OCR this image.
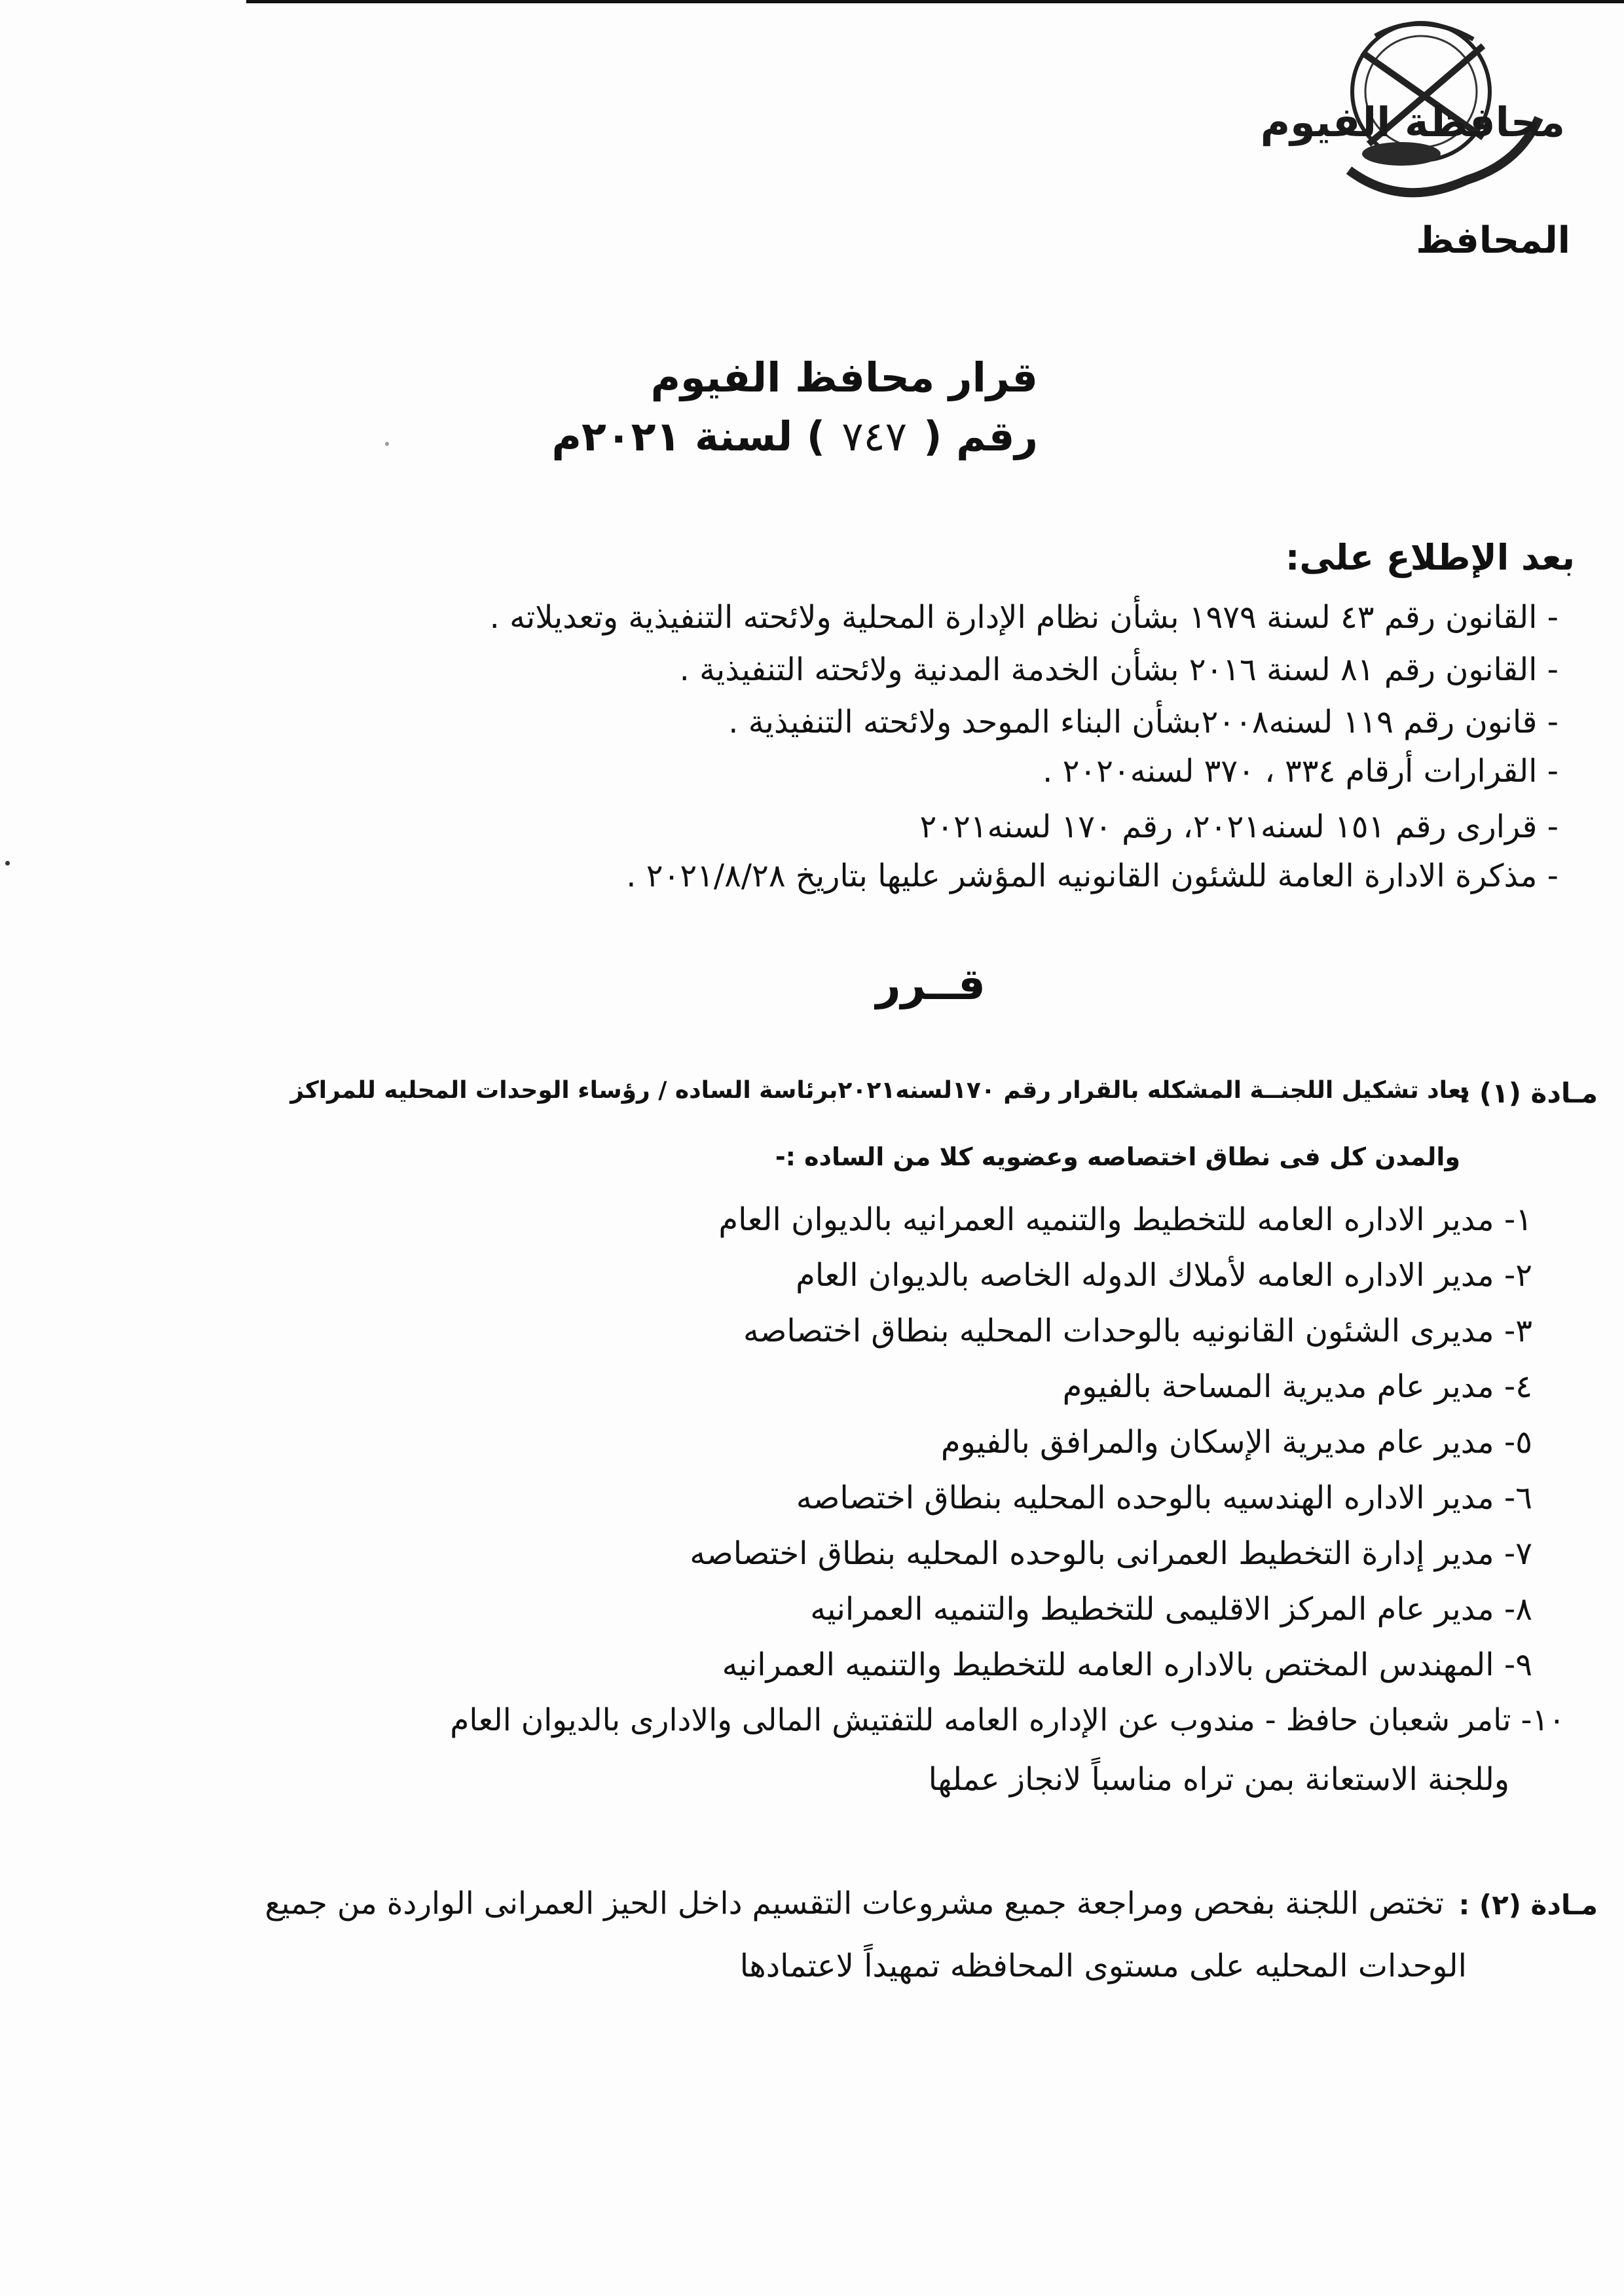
محافظة الفيوم
المحافظ
قرار محافظ الفيوم
رقم (٧٤٧) لسنة ٢٠٢١م
بعد الإطلاع على:
- القانون رقم ٤٣ لسنة ١٩٧٩ بشأن نظام الإدارة المحلية ولائحته التنفيذية وتعديلاته .
- القانون رقم ٨١ لسنة ٢٠١٦ بشأن الخدمة المدنية ولائحته التنفيذية .
- قانون رقم ١١٩ لسنه٢٠٠٨بشأن البناء الموحد ولائحته التنفيذية .
- القرارات أرقام ٣٣٤ ، ٣٧٠ لسنه٢٠٢٠ .
- قرارى رقم ١٥١ لسنه٢٠٢١، رقم ١٧٠ لسنه٢٠٢١
- مذكرة الادارة العامة للشئون القانونيه المؤشر عليها بتاريخ ٢٠٢١/٨/٢٨ .
قــرر
مـادة (١) :
يعاد تشكيل اللجنــة المشكله بالقرار رقم ١٧٠لسنه٢٠٢١برئاسة الساده / رؤساء الوحدات المحليه للمراكز
والمدن كل فى نطاق اختصاصه وعضويه كلا من الساده :-
١- مدير الاداره العامه للتخطيط والتنميه العمرانيه بالديوان العام
٢- مدير الاداره العامه لأملاك الدوله الخاصه بالديوان العام
٣- مديرى الشئون القانونيه بالوحدات المحليه بنطاق اختصاصه
٤- مدير عام مديرية المساحة بالفيوم
٥- مدير عام مديرية الإسكان والمرافق بالفيوم
٦- مدير الاداره الهندسيه بالوحده المحليه بنطاق اختصاصه
٧- مدير إدارة التخطيط العمرانى بالوحده المحليه بنطاق اختصاصه
٨- مدير عام المركز الاقليمى للتخطيط والتنميه العمرانيه
٩- المهندس المختص بالاداره العامه للتخطيط والتنميه العمرانيه
١٠- تامر شعبان حافظ - مندوب عن الإداره العامه للتفتيش المالى والادارى بالديوان العام
وللجنة الاستعانة بمن تراه مناسباً لانجاز عملها
مـادة (٢) :
تختص اللجنة بفحص ومراجعة جميع مشروعات التقسيم داخل الحيز العمرانى الواردة من جميع
الوحدات المحليه على مستوى المحافظه تمهيداً لاعتمادها
